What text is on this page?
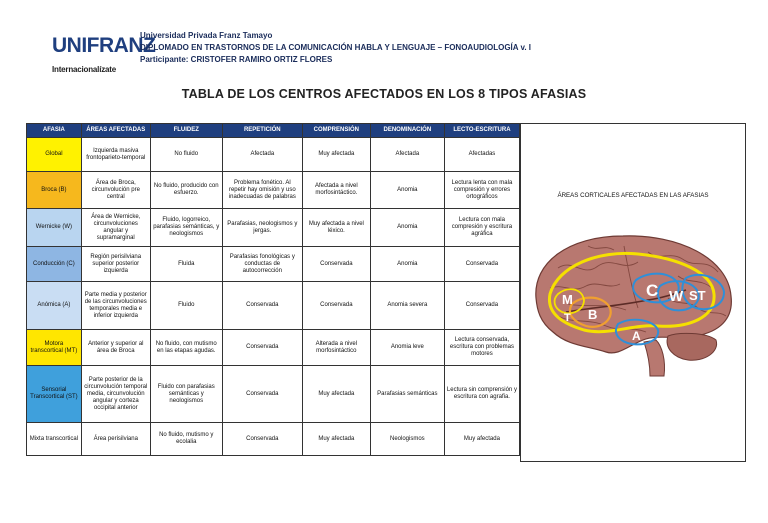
UNIFRANZ
Internacionalízate
Universidad Privada Franz Tamayo
DIPLOMADO EN TRASTORNOS DE LA COMUNICACIÓN HABLA Y LENGUAJE – FONOAUDIOLOGÍA v. I
Participante: CRISTOFER RAMIRO ORTIZ FLORES
TABLA DE LOS CENTROS AFECTADOS EN LOS 8 TIPOS AFASIAS
AFASIA	ÁREAS AFECTADAS	FLUIDEZ	REPETICIÓN	COMPRENSIÓN	DENOMINACIÓN	LECTO-ESCRITURA
Global	Izquierda masiva frontoparieto-temporal	No fluido	Afectada	Muy afectada	Afectada	Afectadas
Broca (B)	Área de Broca, circunvolución pre central	No fluido, producido con esfuerzo.	Problema fonético. Al repetir hay omisión y uso inadecuadas de palabras	Afectada a nivel morfosintáctico.	Anomia	Lectura lenta con mala compresión y errores ortográficos
Wernicke (W)	Área de Wernicke, circunvoluciones angular y supramarginal	Fluido, logorreico, parafasias semánticas, y neologismos	Parafasias, neologismos y jergas.	Muy afectada a nivel léxico.	Anomia	Lectura con mala compresión y escritura agráfica
Conducción (C)	Región perisilviana superior posterior izquierda	Fluida	Parafasias fonológicas y conductas de autocorrección	Conservada	Anomia	Conservada
Anómica (A)	Parte media y posterior de las circunvoluciones temporales media e inferior izquierda	Fluido	Conservada	Conservada	Anomia severa	Conservada
Motora transcortical (MT)	Anterior y superior al área de Broca	No fluido, con mutismo en las etapas agudas.	Conservada	Alterada a nivel morfosintáctico	Anomia leve	Lectura conservada, escritura con problemas motores
Sensorial Transcortical (ST)	Parte posterior de la circunvolución temporal media, circunvolución angular y corteza occipital anterior	Fluido con parafasias semánticas y neologismos	Conservada	Muy afectada	Parafasias semánticas	Lectura sin comprensión y escritura con agrafia.
Mixta transcortical	Área perisilviana	No fluido, mutismo y ecolalia	Conservada	Muy afectada	Neologismos	Muy afectada
ÁREAS CORTICALES AFECTADAS EN LAS AFASIAS
M
T B
C W ST
A
